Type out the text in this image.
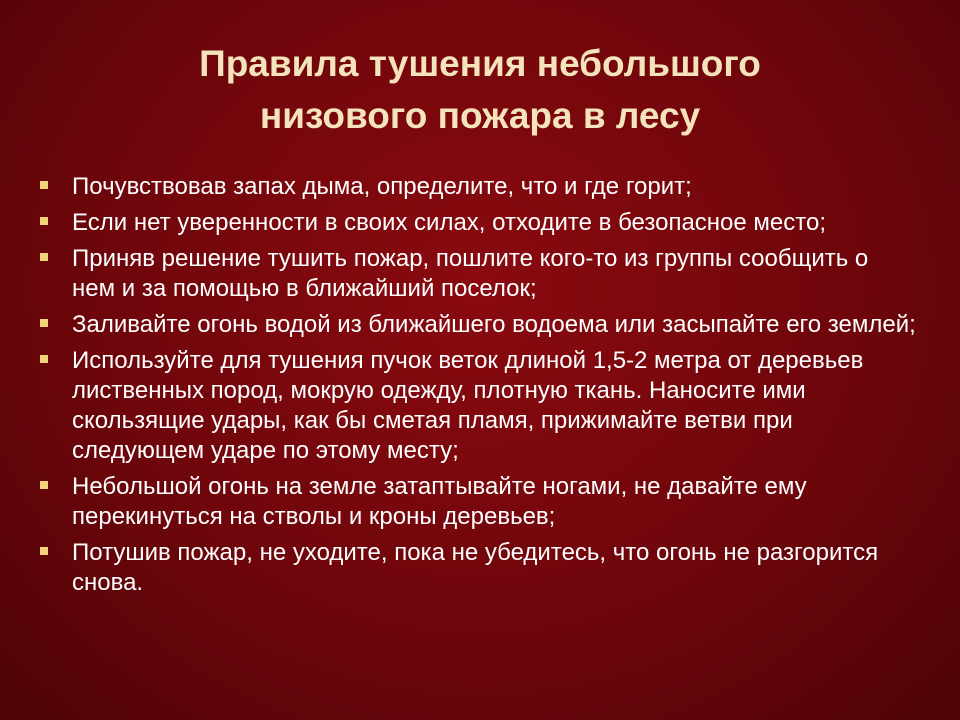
Правила тушения небольшого
низового пожара в лесу
Почувствовав запах дыма, определите, что и где горит;
Если нет уверенности в своих силах, отходите в безопасное место;
Приняв решение тушить пожар, пошлите кого-то из группы сообщить о нем и за помощью в ближайший поселок;
Заливайте огонь водой из ближайшего водоема или засыпайте его землей;
Используйте для тушения пучок веток длиной 1,5-2 метра от деревьев лиственных пород, мокрую одежду, плотную ткань. Наносите ими скользящие удары, как бы сметая пламя, прижимайте ветви при следующем ударе по этому месту;
Небольшой огонь на земле затаптывайте ногами, не давайте ему перекинуться на стволы и кроны деревьев;
Потушив пожар, не уходите, пока не убедитесь, что огонь не разгорится снова.
